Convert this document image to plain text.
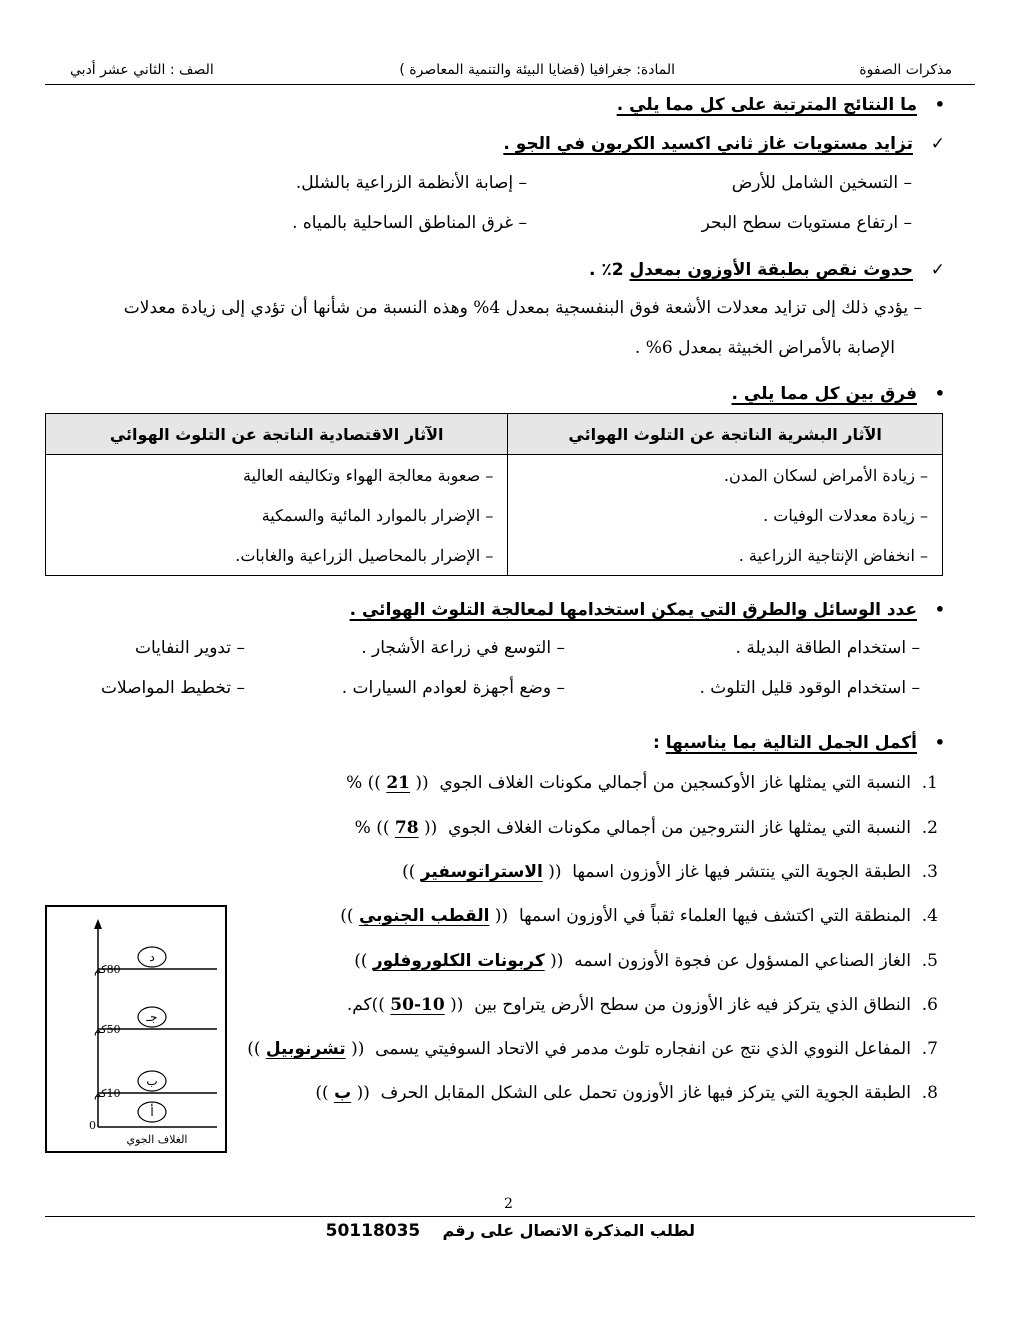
مذكرات الصفوة
المادة: جغرافيا (قضايا البيئة والتنمية المعاصرة )
الصف : الثاني عشر أدبي
•   ما النتائج المترتبة على كل مما يلي .
✓   تزايد مستويات غاز ثاني اكسيد الكربون في الجو .
– التسخين الشامل للأرض
– إصابة الأنظمة الزراعية بالشلل.
– ارتفاع مستويات سطح البحر
– غرق المناطق الساحلية بالمياه .
✓   حدوث نقص بطبقة الأوزون بمعدل 2٪ .
– يؤدي ذلك إلى تزايد معدلات الأشعة فوق البنفسجية بمعدل 4% وهذه النسبة من شأنها أن تؤدي إلى زيادة معدلات
الإصابة بالأمراض الخبيثة بمعدل 6% .
•   فرق بين كل مما يلي .
الآثار البشرية الناتجة عن التلوث الهوائي	الآثار الاقتصادية الناتجة عن التلوث الهوائي
– زيادة الأمراض لسكان المدن.	– صعوبة معالجة الهواء وتكاليفه العالية
– زيادة معدلات الوفيات .	– الإضرار بالموارد المائية والسمكية
– انخفاض الإنتاجية الزراعية .	– الإضرار بالمحاصيل الزراعية والغابات.
•   عدد الوسائل والطرق التي يمكن استخدامها لمعالجة التلوث الهوائي .
– استخدام الطاقة البديلة .
– التوسع في زراعة الأشجار .
– تدوير النفايات
– استخدام الوقود قليل التلوث .
– وضع أجهزة لعوادم السيارات .
– تخطيط المواصلات
•   أكمل الجمل التالية بما يناسبها :
1.  النسبة التي يمثلها غاز الأوكسجين من أجمالي مكونات الغلاف الجوي  (( 21 )) %
2.  النسبة التي يمثلها غاز النتروجين من أجمالي مكونات الغلاف الجوي  (( 78 )) %
3.  الطبقة الجوية التي ينتشر فيها غاز الأوزون اسمها  (( الاستراتوسفير ))
4.  المنطقة التي اكتشف فيها العلماء ثقباً في الأوزون اسمها  (( القطب الجنوبي ))
5.  الغاز الصناعي المسؤول عن فجوة الأوزون اسمه  (( كربونات الكلوروفلور ))
6.  النطاق الذي يتركز فيه غاز الأوزون من سطح الأرض يتراوح بين  (( 10-50 ))كم.
7.  المفاعل النووي الذي نتج عن انفجاره تلوث مدمر في الاتحاد السوفيتي يسمى  (( تشرنوبيل ))
8.  الطبقة الجوية التي يتركز فيها غاز الأوزون تحمل على الشكل المقابل الحرف  (( ب ))
د
جـ
ب
أ
80كم
50كم
10كم
0
الغلاف الجوي
2
لطلب المذكرة الاتصال على رقم    50118035
